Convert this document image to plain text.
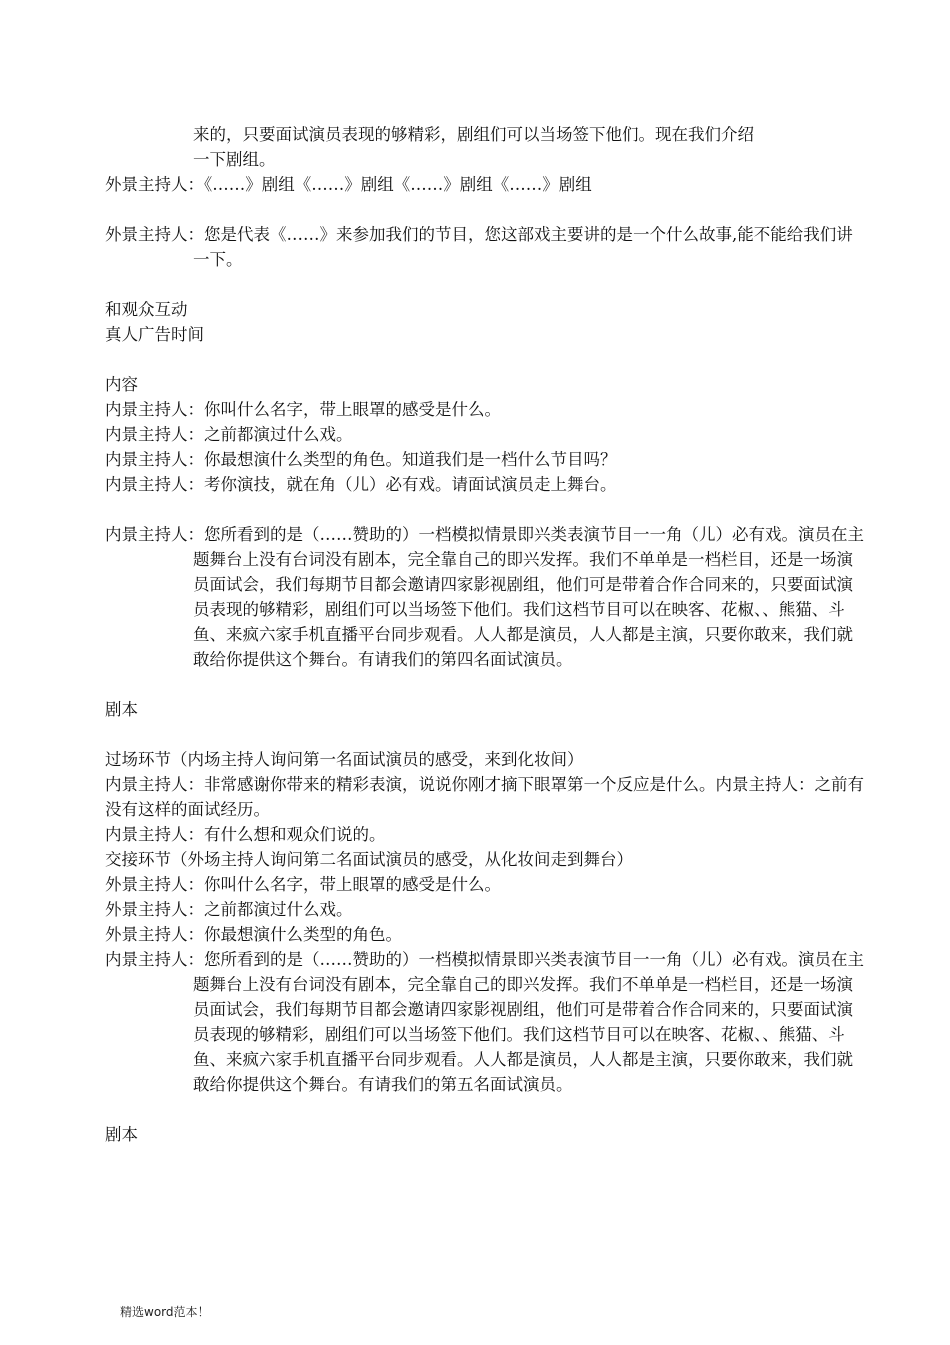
来的，只要面试演员表现的够精彩，剧组们可以当场签下他们。现在我们介绍
一下剧组。
外景主持人：《……》剧组《……》剧组《……》剧组《……》剧组
外景主持人：您是代表《……》来参加我们的节目，您这部戏主要讲的是一个什么故事,能不能给我们讲一下。
和观众互动
真人广告时间
内容
内景主持人：你叫什么名字，带上眼罩的感受是什么。
内景主持人：之前都演过什么戏。
内景主持人：你最想演什么类型的角色。知道我们是一档什么节目吗？
内景主持人：考你演技，就在角（儿）必有戏。请面试演员走上舞台。
内景主持人：您所看到的是（……赞助的）一档模拟情景即兴类表演节目一一角（儿）必有戏。演员在主题舞台上没有台词没有剧本，完全靠自己的即兴发挥。我们不单单是一档栏目，还是一场演员面试会，我们每期节目都会邀请四家影视剧组，他们可是带着合作合同来的，只要面试演员表现的够精彩，剧组们可以当场签下他们。我们这档节目可以在映客、花椒、、熊猫、斗鱼、来疯六家手机直播平台同步观看。人人都是演员，人人都是主演，只要你敢来，我们就敢给你提供这个舞台。有请我们的第四名面试演员。
剧本
过场环节（内场主持人询问第一名面试演员的感受，来到化妆间）
内景主持人：非常感谢你带来的精彩表演，说说你刚才摘下眼罩第一个反应是什么。内景主持人：之前有没有这样的面试经历。
内景主持人：有什么想和观众们说的。
交接环节（外场主持人询问第二名面试演员的感受，从化妆间走到舞台）
外景主持人：你叫什么名字，带上眼罩的感受是什么。
外景主持人：之前都演过什么戏。
外景主持人：你最想演什么类型的角色。
内景主持人：您所看到的是（……赞助的）一档模拟情景即兴类表演节目一一角（儿）必有戏。演员在主题舞台上没有台词没有剧本，完全靠自己的即兴发挥。我们不单单是一档栏目，还是一场演员面试会，我们每期节目都会邀请四家影视剧组，他们可是带着合作合同来的，只要面试演员表现的够精彩，剧组们可以当场签下他们。我们这档节目可以在映客、花椒、、熊猫、斗鱼、来疯六家手机直播平台同步观看。人人都是演员，人人都是主演，只要你敢来，我们就敢给你提供这个舞台。有请我们的第五名面试演员。
剧本
精选word范本！
